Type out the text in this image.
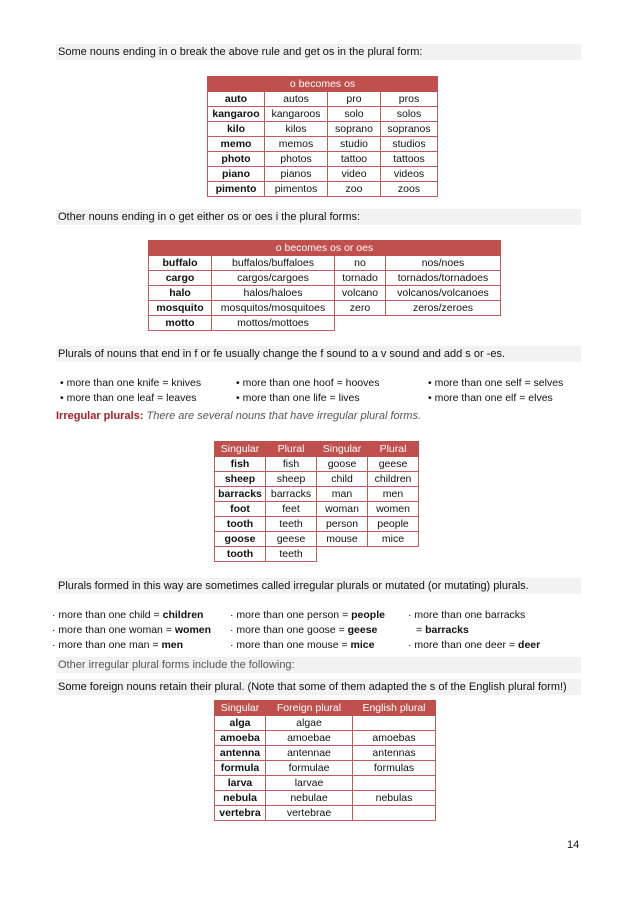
Some nouns ending in o break the above rule and get os in the plural form:
o becomes os			
auto	autos	pro	pros
kangaroo	kangaroos	solo	solos
kilo	kilos	soprano	sopranos
memo	memos	studio	studios
photo	photos	tattoo	tattoos
piano	pianos	video	videos
pimento	pimentos	zoo	zoos
Other nouns ending in o get either os or oes i the plural forms:
o becomes os or oes			
buffalo	buffalos/buffaloes	no	nos/noes
cargo	cargos/cargoes	tornado	tornados/tornadoes
halo	halos/haloes	volcano	volcanos/volcanoes
mosquito	mosquitos/mosquitoes	zero	zeros/zeroes
motto	mottos/mottoes		
Plurals of nouns that end in f or fe usually change the f sound to a v sound and add s or -es.
• more than one knife = knives	• more than one hoof = hooves	• more than one self = selves
• more than one leaf = leaves	• more than one life = lives	• more than one elf = elves
Irregular plurals: There are several nouns that have irregular plural forms.
Singular	Plural	Singular	Plural
fish	fish	goose	geese
sheep	sheep	child	children
barracks	barracks	man	men
foot	feet	woman	women
tooth	teeth	person	people
goose	geese	mouse	mice
tooth	teeth		
Plurals formed in this way are sometimes called irregular plurals or mutated (or mutating) plurals.
· more than one child = children	· more than one person = people · more than one barracks
· more than one woman = women · more than one goose = geese	= barracks
· more than one man = men	· more than one mouse = mice	· more than one deer = deer
Other irregular plural forms include the following:
Some foreign nouns retain their plural. (Note that some of them adapted the s of the English plural form!)
Singular	Foreign plural	English plural
alga	algae	
amoeba	amoebae	amoebas
antenna	antennae	antennas
formula	formulae	formulas
larva	larvae	
nebula	nebulae	nebulas
vertebra	vertebrae	
14
